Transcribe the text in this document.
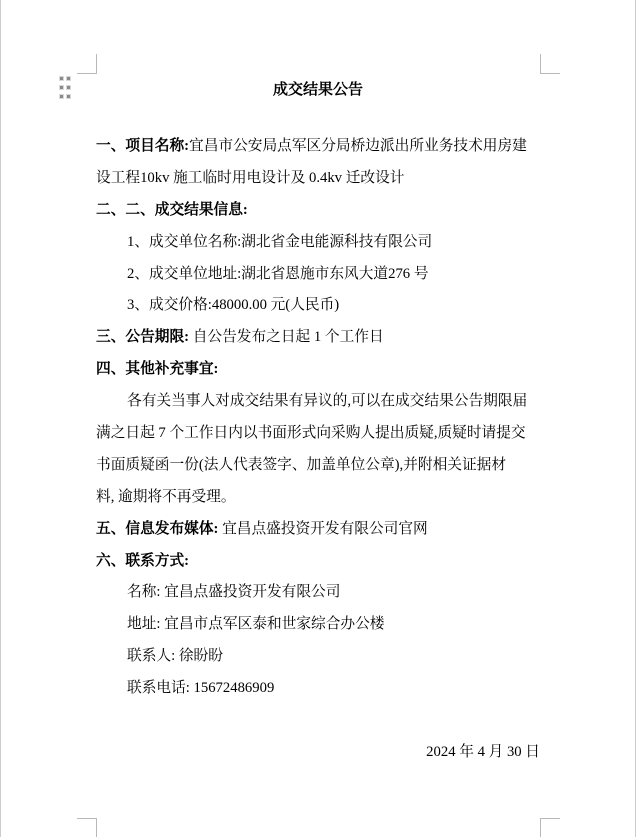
成交结果公告
一、项目名称:宜昌市公安局点军区分局桥边派出所业务技术用房建
设工程10kv 施工临时用电设计及 0.4kv 迁改设计
二、二、成交结果信息:
1、成交单位名称:湖北省金电能源科技有限公司
2、成交单位地址:湖北省恩施市东风大道276 号
3、成交价格:48000.00 元(人民币)
三、公告期限: 自公告发布之日起 1 个工作日
四、其他补充事宜:
各有关当事人对成交结果有异议的,可以在成交结果公告期限届
满之日起 7 个工作日内以书面形式向采购人提出质疑,质疑时请提交
书面质疑函一份(法人代表签字、加盖单位公章),并附相关证据材
料, 逾期将不再受理。
五、信息发布媒体: 宜昌点盛投资开发有限公司官网
六、联系方式:
名称: 宜昌点盛投资开发有限公司
地址: 宜昌市点军区泰和世家综合办公楼
联系人: 徐盼盼
联系电话: 15672486909
2024 年 4 月 30 日
